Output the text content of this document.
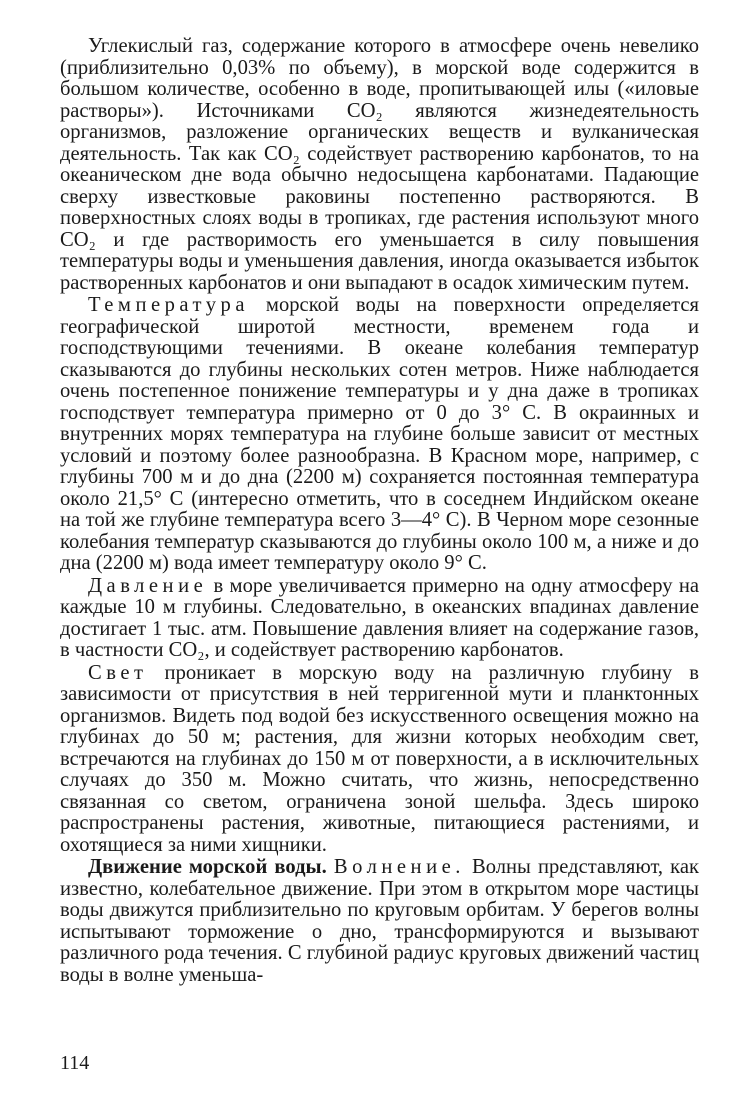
Углекислый газ, содержание которого в атмосфере очень невелико (приблизительно 0,03% по объему), в морской воде содержится в большом количестве, особенно в воде, пропитывающей илы («иловые растворы»). Источниками CO₂ являются жизнедеятельность организмов, разложение органических веществ и вулканическая деятельность. Так как CO₂ содействует растворению карбонатов, то на океаническом дне вода обычно недосыщена карбонатами. Падающие сверху известковые раковины постепенно растворяются. В поверхностных слоях воды в тропиках, где растения используют много CO₂ и где растворимость его уменьшается в силу повышения температуры воды и уменьшения давления, иногда оказывается избыток растворенных карбонатов и они выпадают в осадок химическим путем.

Температура морской воды на поверхности определяется географической широтой местности, временем года и господствующими течениями. В океане колебания температур сказываются до глубины нескольких сотен метров. Ниже наблюдается очень постепенное понижение температуры и у дна даже в тропиках господствует температура примерно от 0 до 3° С. В окраинных и внутренних морях температура на глубине больше зависит от местных условий и поэтому более разнообразна. В Красном море, например, с глубины 700 м и до дна (2200 м) сохраняется постоянная температура около 21,5° С (интересно отметить, что в соседнем Индийском океане на той же глубине температура всего 3—4° С). В Черном море сезонные колебания температур сказываются до глубины около 100 м, а ниже и до дна (2200 м) вода имеет температуру около 9° С.

Давление в море увеличивается примерно на одну атмосферу на каждые 10 м глубины. Следовательно, в океанских впадинах давление достигает 1 тыс. атм. Повышение давления влияет на содержание газов, в частности CO₂, и содействует растворению карбонатов.

Свет проникает в морскую воду на различную глубину в зависимости от присутствия в ней терригенной мути и планктонных организмов. Видеть под водой без искусственного освещения можно на глубинах до 50 м; растения, для жизни которых необходим свет, встречаются на глубинах до 150 м от поверхности, а в исключительных случаях до 350 м. Можно считать, что жизнь, непосредственно связанная со светом, ограничена зоной шельфа. Здесь широко распространены растения, животные, питающиеся растениями, и охотящиеся за ними хищники.

Движение морской воды. Волнение. Волны представляют, как известно, колебательное движение. При этом в открытом море частицы воды движутся приблизительно по круговым орбитам. У берегов волны испытывают торможение о дно, трансформируются и вызывают различного рода течения. С глубиной радиус круговых движений частиц воды в волне уменьша-

114
